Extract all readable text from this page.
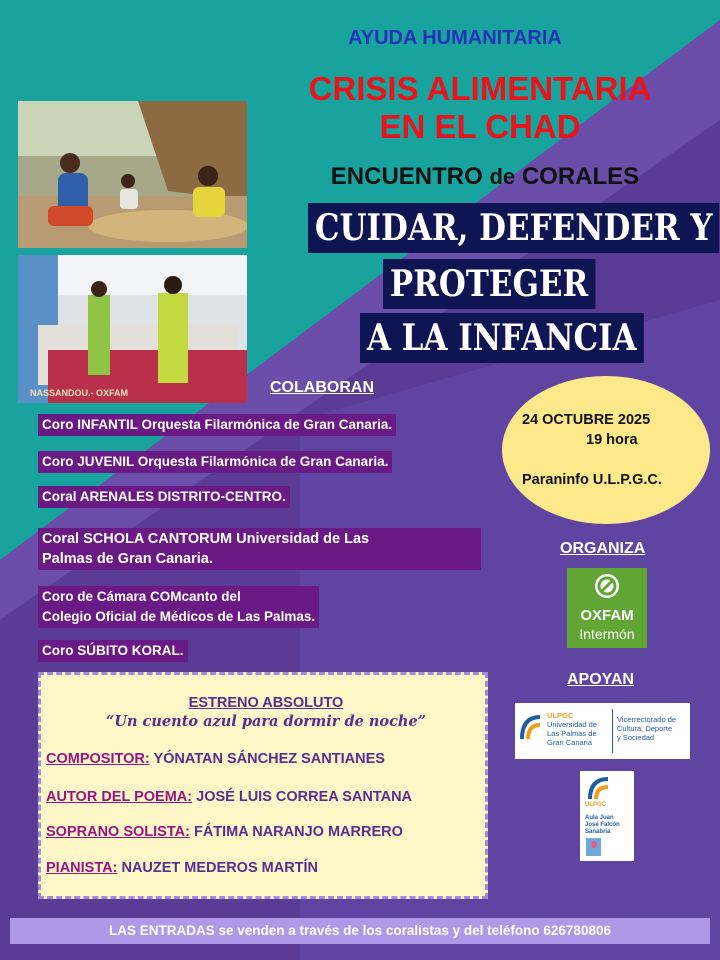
NASSANDOU.- OXFAM
AYUDA HUMANITARIA
CRISIS ALIMENTARIA
EN EL CHAD
ENCUENTRO de CORALES
CUIDAR, DEFENDER Y
PROTEGER
A LA INFANCIA
COLABORAN
Coro INFANTIL Orquesta Filarmónica de Gran Canaria.
Coro JUVENIL Orquesta Filarmónica de Gran Canaria.
Coral ARENALES DISTRITO-CENTRO.
Coral SCHOLA CANTORUM Universidad de Las
Palmas de Gran Canaria.
Coro de Cámara COMcanto del
Colegio Oficial de Médicos de Las Palmas.
Coro SÚBITO KORAL.
24 OCTUBRE 2025
19 hora
Paraninfo U.L.P.G.C.
ORGANIZA
OXFAM
Intermón
APOYAN
ULPGC
Universidad de
Las Palmas de
Gran Canaria
Vicerrectorado de
Cultura, Deporte
y Sociedad
ULPGC
Aula Juan
José Falcón
Sanabria
ESTRENO ABSOLUTO
“Un cuento azul para dormir de noche”
COMPOSITOR: YÓNATAN SÁNCHEZ SANTIANES
AUTOR DEL POEMA: JOSÉ LUIS CORREA SANTANA
SOPRANO SOLISTA: FÁTIMA NARANJO MARRERO
PIANISTA: NAUZET MEDEROS MARTÍN
LAS ENTRADAS se venden a través de los coralistas y del teléfono 626780806
